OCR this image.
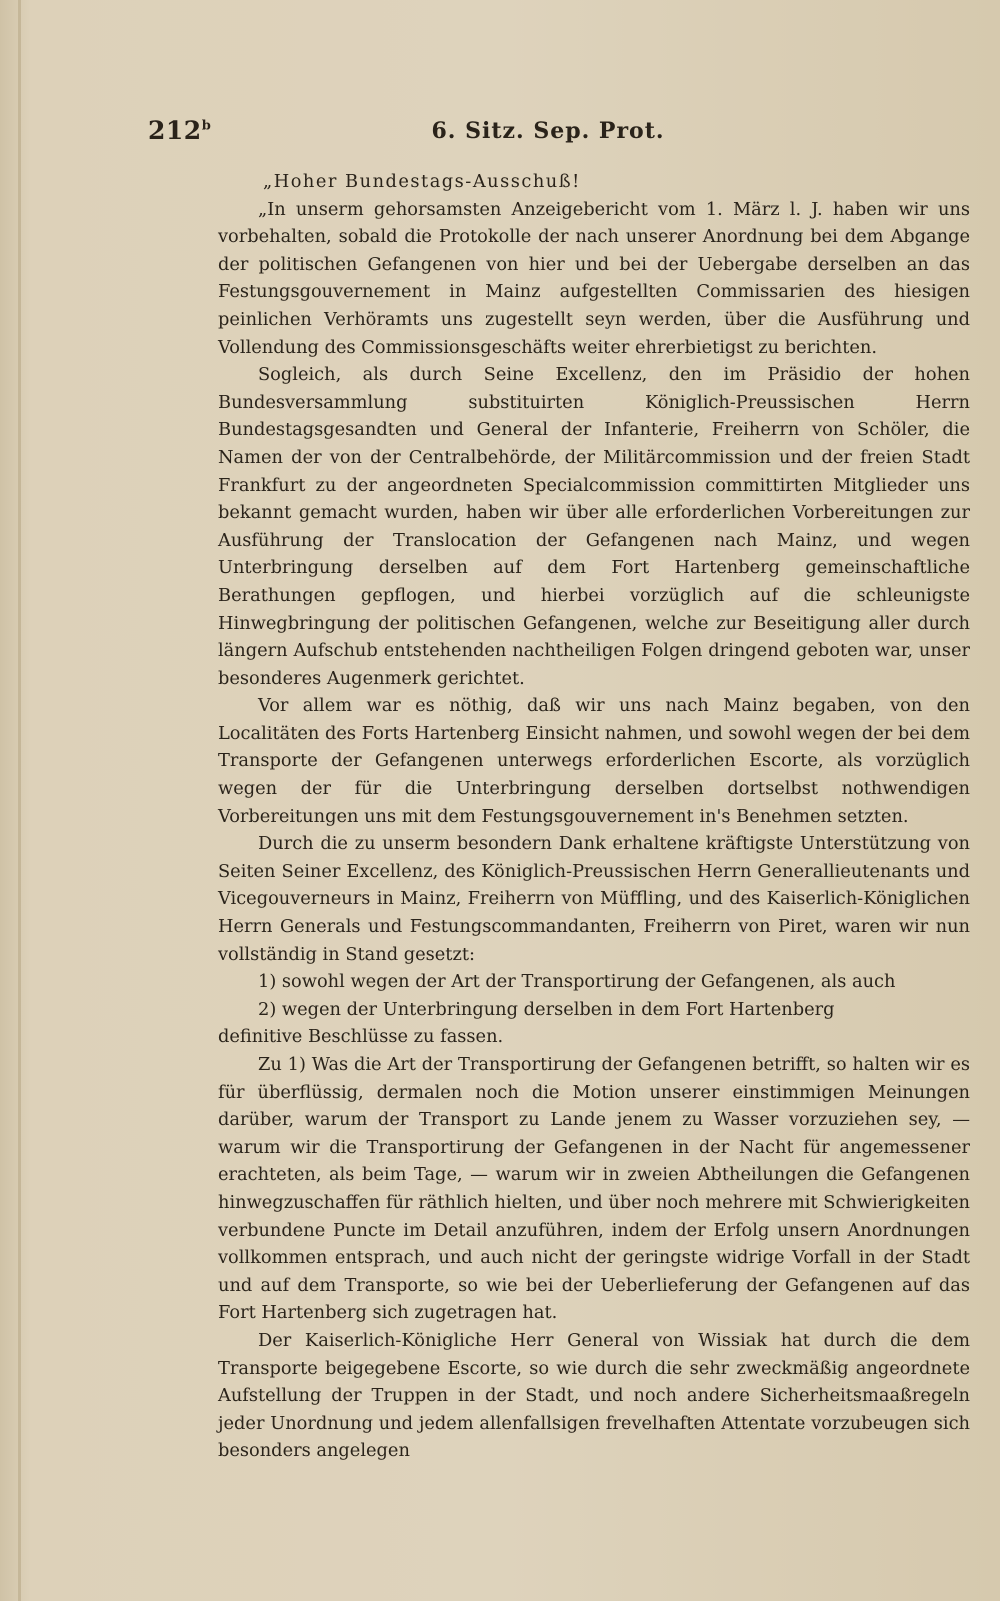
212$^b$	6. Sitz. Sep. Prot.

„Hoher Bundestags-Ausschuß!

„In unserm gehorsamsten Anzeigebericht vom 1. März l. J. haben wir uns vorbehalten, sobald die Protokolle der nach unserer Anordnung bei dem Abgange der politischen Gefangenen von hier und bei der Uebergabe derselben an das Festungsgouvernement in Mainz aufgestellten Commissarien des hiesigen peinlichen Verhöramts uns zugestellt seyn werden, über die Ausführung und Vollendung des Commissionsgeschäfts weiter ehrerbietigst zu berichten.

Sogleich, als durch Seine Excellenz, den im Präsidio der hohen Bundesversammlung substituirten Königlich-Preussischen Herrn Bundestagsgesandten und General der Infanterie, Freiherrn von Schöler, die Namen der von der Centralbehörde, der Militärcommission und der freien Stadt Frankfurt zu der angeordneten Specialcommission committirten Mitglieder uns bekannt gemacht wurden, haben wir über alle erforderlichen Vorbereitungen zur Ausführung der Translocation der Gefangenen nach Mainz, und wegen Unterbringung derselben auf dem Fort Hartenberg gemeinschaftliche Berathungen gepflogen, und hierbei vorzüglich auf die schleunigste Hinwegbringung der politischen Gefangenen, welche zur Beseitigung aller durch längern Aufschub entstehenden nachtheiligen Folgen dringend geboten war, unser besonderes Augenmerk gerichtet.

Vor allem war es nöthig, daß wir uns nach Mainz begaben, von den Localitäten des Forts Hartenberg Einsicht nahmen, und sowohl wegen der bei dem Transporte der Gefangenen unterwegs erforderlichen Escorte, als vorzüglich wegen der für die Unterbringung derselben dortselbst nothwendigen Vorbereitungen uns mit dem Festungsgouvernement in's Benehmen setzten.

Durch die zu unserm besondern Dank erhaltene kräftigste Unterstützung von Seiten Seiner Excellenz, des Königlich-Preussischen Herrn Generallieutenants und Vicegouverneurs in Mainz, Freiherrn von Müffling, und des Kaiserlich-Königlichen Herrn Generals und Festungscommandanten, Freiherrn von Piret, waren wir nun vollständig in Stand gesetzt:

1) sowohl wegen der Art der Transportirung der Gefangenen, als auch

2) wegen der Unterbringung derselben in dem Fort Hartenberg

definitive Beschlüsse zu fassen.

Zu 1) Was die Art der Transportirung der Gefangenen betrifft, so halten wir es für überflüssig, dermalen noch die Motion unserer einstimmigen Meinungen darüber, warum der Transport zu Lande jenem zu Wasser vorzuziehen sey, — warum wir die Transportirung der Gefangenen in der Nacht für angemessener erachteten, als beim Tage, — warum wir in zweien Abtheilungen die Gefangenen hinwegzuschaffen für räthlich hielten, und über noch mehrere mit Schwierigkeiten verbundene Puncte im Detail anzuführen, indem der Erfolg unsern Anordnungen vollkommen entsprach, und auch nicht der geringste widrige Vorfall in der Stadt und auf dem Transporte, so wie bei der Ueberlieferung der Gefangenen auf das Fort Hartenberg sich zugetragen hat.

Der Kaiserlich-Königliche Herr General von Wissiak hat durch die dem Transporte beigegebene Escorte, so wie durch die sehr zweckmäßig angeordnete Aufstellung der Truppen in der Stadt, und noch andere Sicherheitsmaaßregeln jeder Unordnung und jedem allenfallsigen frevelhaften Attentate vorzubeugen sich besonders angelegen
